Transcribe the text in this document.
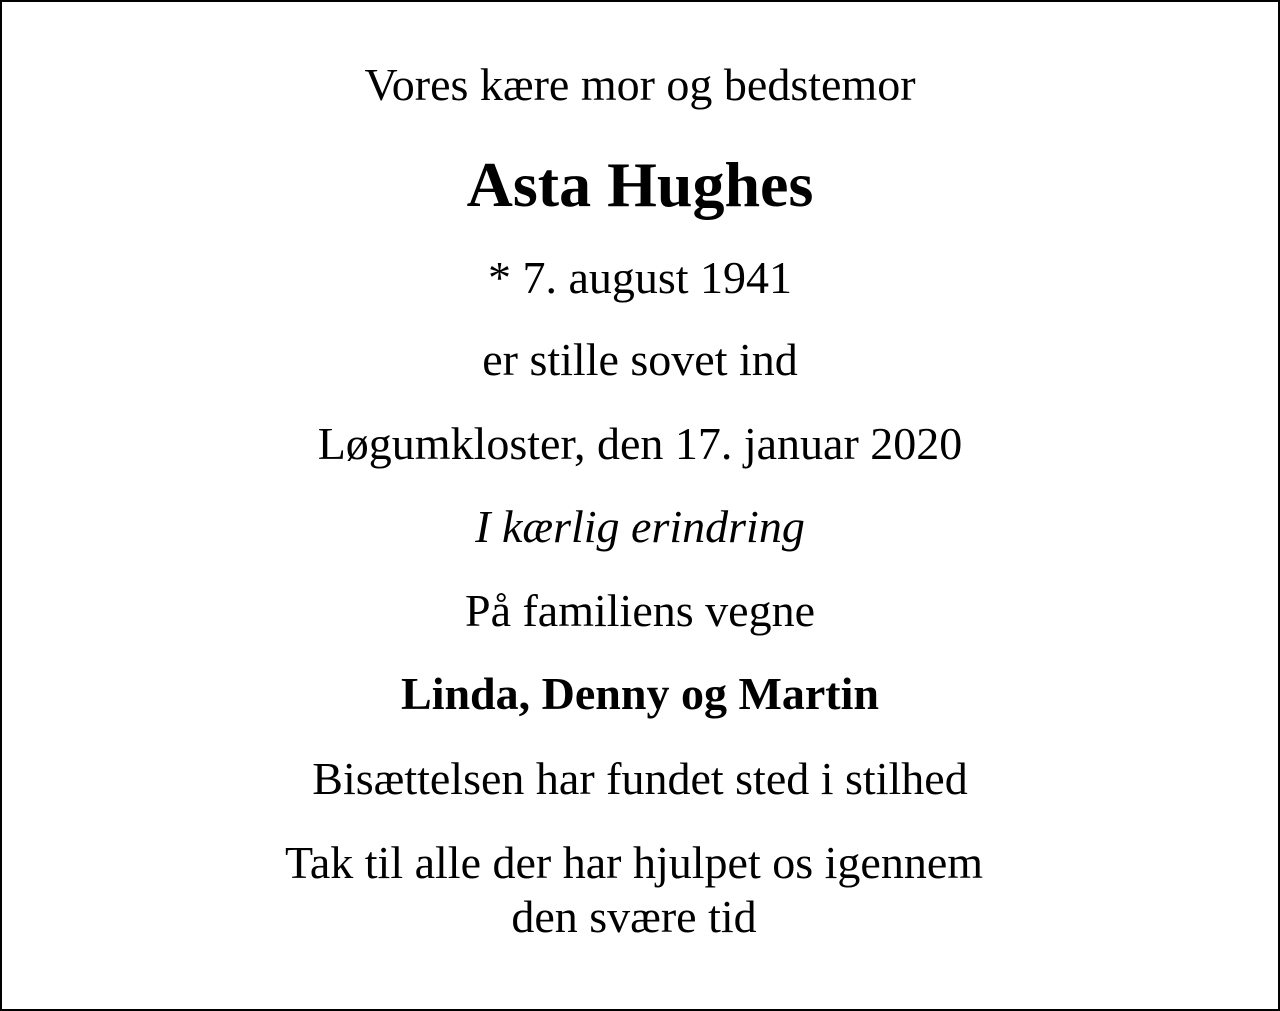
Vores kære mor og bedstemor

Asta Hughes

* 7. august 1941

er stille sovet ind

Løgumkloster, den 17. januar 2020

I kærlig erindring

På familiens vegne

Linda, Denny og Martin

Bisættelsen har fundet sted i stilhed

Tak til alle der har hjulpet os igennem

den svære tid
